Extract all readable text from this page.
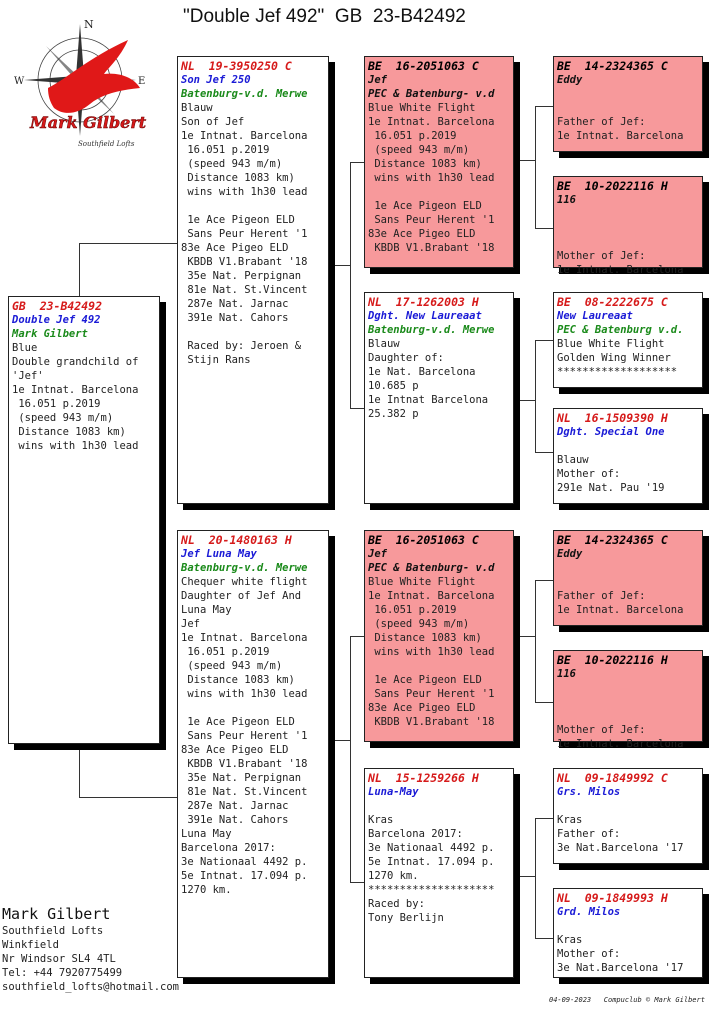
"Double Jef 492"  GB  23-B42492
N
W	E
Mark Gilbert
Southfield Lofts
GB  23-B42492
Double Jef 492
Mark Gilbert
Blue
Double grandchild of
'Jef'
1e Intnat. Barcelona
16.051 p.2019
(speed 943 m/m)
Distance 1083 km)
wins with 1h30 lead
NL  19-3950250 C
Son Jef 250
Batenburg-v.d. Merwe
Blauw
Son of Jef
1e Intnat. Barcelona
16.051 p.2019
(speed 943 m/m)
Distance 1083 km)
wins with 1h30 lead
1e Ace Pigeon ELD
Sans Peur Herent '1
83e Ace Pigeo ELD
KBDB V1.Brabant '18
35e Nat. Perpignan
81e Nat. St.Vincent
287e Nat. Jarnac
391e Nat. Cahors
Raced by: Jeroen &
Stijn Rans
NL  20-1480163 H
Jef Luna May
Batenburg-v.d. Merwe
Chequer white flight
Daughter of Jef And
Luna May
Jef
1e Intnat. Barcelona
16.051 p.2019
(speed 943 m/m)
Distance 1083 km)
wins with 1h30 lead
1e Ace Pigeon ELD
Sans Peur Herent '1
83e Ace Pigeo ELD
KBDB V1.Brabant '18
35e Nat. Perpignan
81e Nat. St.Vincent
287e Nat. Jarnac
391e Nat. Cahors
Luna May
Barcelona 2017:
3e Nationaal 4492 p.
5e Intnat. 17.094 p.
1270 km.
BE  16-2051063 C
Jef
PEC & Batenburg- v.d
Blue White Flight
1e Intnat. Barcelona
16.051 p.2019
(speed 943 m/m)
Distance 1083 km)
wins with 1h30 lead
1e Ace Pigeon ELD
Sans Peur Herent '1
83e Ace Pigeo ELD
KBDB V1.Brabant '18
NL  17-1262003 H
Dght. New Laureaat
Batenburg-v.d. Merwe
Blauw
Daughter of:
1e Nat. Barcelona
10.685 p
1e Intnat Barcelona
25.382 p
BE  16-2051063 C
Jef
PEC & Batenburg- v.d
Blue White Flight
1e Intnat. Barcelona
16.051 p.2019
(speed 943 m/m)
Distance 1083 km)
wins with 1h30 lead
1e Ace Pigeon ELD
Sans Peur Herent '1
83e Ace Pigeo ELD
KBDB V1.Brabant '18
NL  15-1259266 H
Luna-May
Kras
Barcelona 2017:
3e Nationaal 4492 p.
5e Intnat. 17.094 p.
1270 km.
********************
Raced by:
Tony Berlijn
BE  14-2324365 C
Eddy
Father of Jef:
1e Intnat. Barcelona
BE  10-2022116 H
116
Mother of Jef:
1e Intnat. Barcelona
BE  08-2222675 C
New Laureaat
PEC & Batenburg v.d.
Blue White Flight
Golden Wing Winner
*******************
NL  16-1509390 H
Dght. Special One
Blauw
Mother of:
291e Nat. Pau '19
BE  14-2324365 C
Eddy
Father of Jef:
1e Intnat. Barcelona
BE  10-2022116 H
116
Mother of Jef:
1e Intnat. Barcelona
NL  09-1849992 C
Grs. Milos
Kras
Father of:
3e Nat.Barcelona '17
NL  09-1849993 H
Grd. Milos
Kras
Mother of:
3e Nat.Barcelona '17
Mark Gilbert
Southfield Lofts
Winkfield
Nr Windsor SL4 4TL
Tel: +44 7920775499
southfield_lofts@hotmail.com
04-09-2023   Compuclub © Mark Gilbert
